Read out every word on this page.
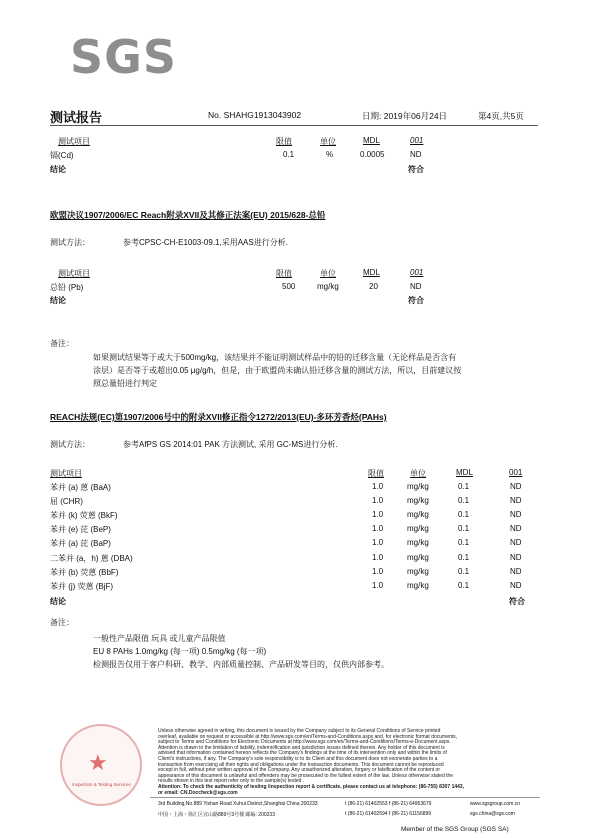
SGS
测试报告	No. SHAHG1913043902	日期: 2019年06月24日	第4页,共5页
测试项目	限值	单位	MDL	001
镉(Cd)	0.1	%	0.0005	ND
结论	符合
欧盟决议1907/2006/EC Reach附录XVII及其修正法案(EU) 2015/628-总铅
测试方法：	参考CPSC-CH-E1003-09.1,采用AAS进行分析.
测试项目	限值	单位	MDL	001
总铅 (Pb)	500	mg/kg	20	ND
结论	符合
备注：
如果测试结果等于或大于500mg/kg，该结果并不能证明测试样品中的铅的迁移含量（无论样品是否含有
涂层）是否等于或超出0.05 μg/g/h，但是，由于欧盟尚未确认铅迁移含量的测试方法，所以，目前建议按
照总量铅进行判定
REACH法规(EC)第1907/2006号中的附录XVII修正指令1272/2013(EU)-多环芳香烃(PAHs)
测试方法：	参考AfPS GS 2014:01 PAK 方法测试, 采用 GC-MS进行分析.
测试项目	限值	单位	MDL	001
苯并 (a) 蒽 (BaA)	1.0	mg/kg	0.1	ND
屈 (CHR)	1.0	mg/kg	0.1	ND
苯并 (k) 荧蒽 (BkF)	1.0	mg/kg	0.1	ND
苯并 (e) 芘 (BeP)	1.0	mg/kg	0.1	ND
苯并 (a) 芘 (BaP)	1.0	mg/kg	0.1	ND
二苯并 (a，h) 蒽 (DBA)	1.0	mg/kg	0.1	ND
苯并 (b) 荧蒽 (BbF)	1.0	mg/kg	0.1	ND
苯并 (j) 荧蒽 (BjF)	1.0	mg/kg	0.1	ND
结论	符合
备注：
一般性产品限值 玩具 或儿童产品限值
EU 8 PAHs 1.0mg/kg (每一项) 0.5mg/kg (每一项)
检测报告仅用于客户科研、教学、内部质量控制、产品研发等目的，仅供内部参考。
★
Inspection & Testing Services
Unless otherwise agreed in writing, this document is issued by the Company subject to its General Conditions of Service printed
overleaf, available on request or accessible at http://www.sgs.com/en/Terms-and-Conditions.aspx and, for electronic format documents,
subject to Terms and Conditions for Electronic Documents at http://www.sgs.com/en/Terms-and-Conditions/Terms-e-Document.aspx.
Attention is drawn to the limitation of liability, indemnification and jurisdiction issues defined therein. Any holder of this document is
advised that information contained hereon reflects the Company's findings at the time of its intervention only and within the limits of
Client's instructions, if any. The Company's sole responsibility is to its Client and this document does not exonerate parties to a
transaction from exercising all their rights and obligations under the transaction documents. This document cannot be reproduced
except in full, without prior written approval of the Company. Any unauthorized alteration, forgery or falsification of the content or
appearance of this document is unlawful and offenders may be prosecuted to the fullest extent of the law. Unless otherwise stated the
results shown in this test report refer only to the sample(s) tested .
Attention: To check the authenticity of testing /inspection report & certificate, please contact us at telephone: (86-755) 8307 1443,
or email: CN.Doccheck@sgs.com
3rd Building,No.889 Yishan Road Xuhui District,Shanghai China 200233
中国・上海・徐汇区宜山路889号3号楼 邮编: 200233
t (86-21) 61402553 f (86-21) 64953679
t (86-21) 61402594 f (86-21) 61156899
www.sgsgroup.com.cn
sgs.china@sgs.com
Member of the SGS Group (SGS SA)
